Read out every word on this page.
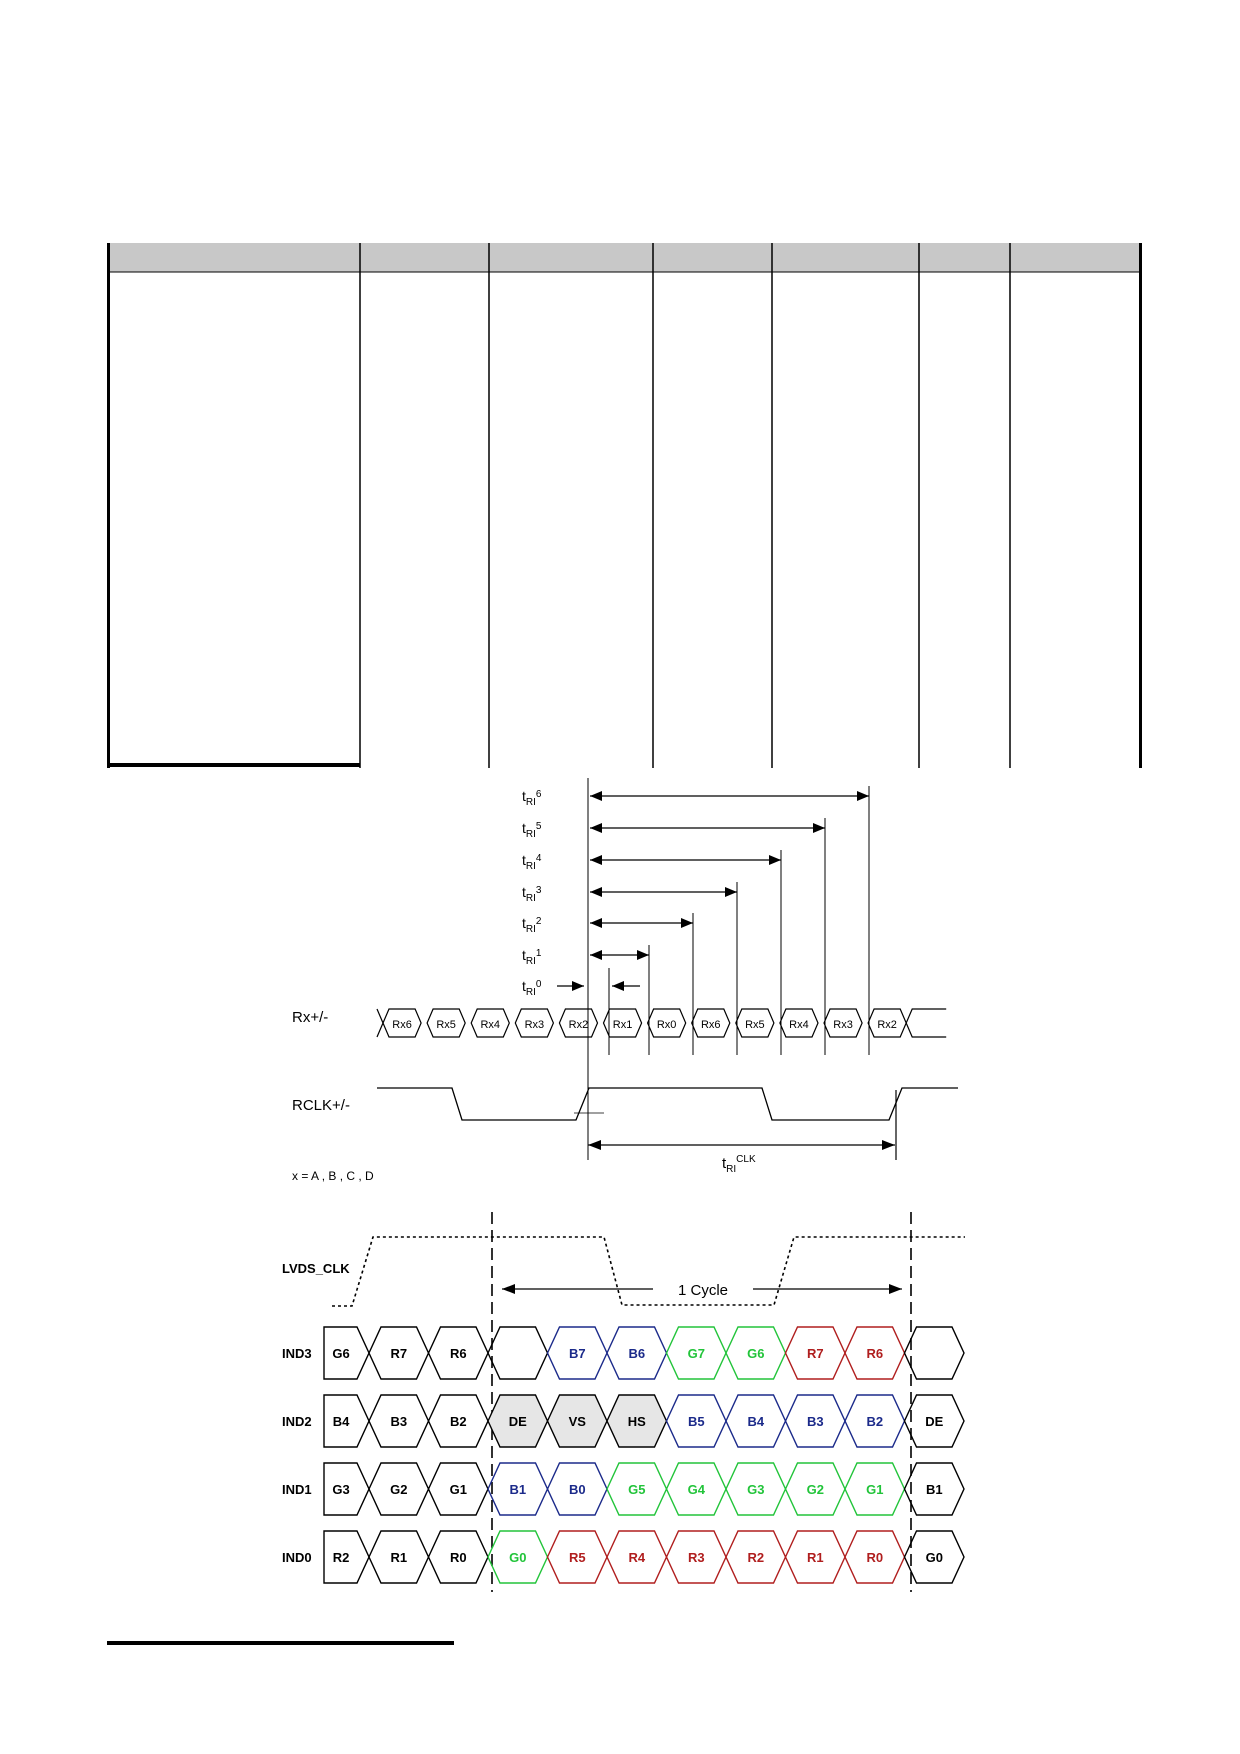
$t_{RI}^6$
$t_{RI}^5$
$t_{RI}^4$
$t_{RI}^3$
$t_{RI}^2$
$t_{RI}^1$
$t_{RI}^0$
Rx+/-	Rx6 Rx5 Rx4 Rx3 Rx2 Rx1 Rx0 Rx6 Rx5 Rx4 Rx3 Rx2
RCLK+/-
$t_{RI}^{CLK}$
x = A , B , C , D
LVDS_CLK
1 Cycle
IND3 G6	R7	R6	B7	B6	G7	G6	R7	R6
IND2 B4	B3	B2	DE	VS	HS	B5	B4	B3	B2	DE
IND1 G3	G2	G1	B1	B0	G5	G4	G3	G2	G1	B1
IND0 R2	R1	R0	G0	R5	R4	R3	R2	R1	R0	G0
